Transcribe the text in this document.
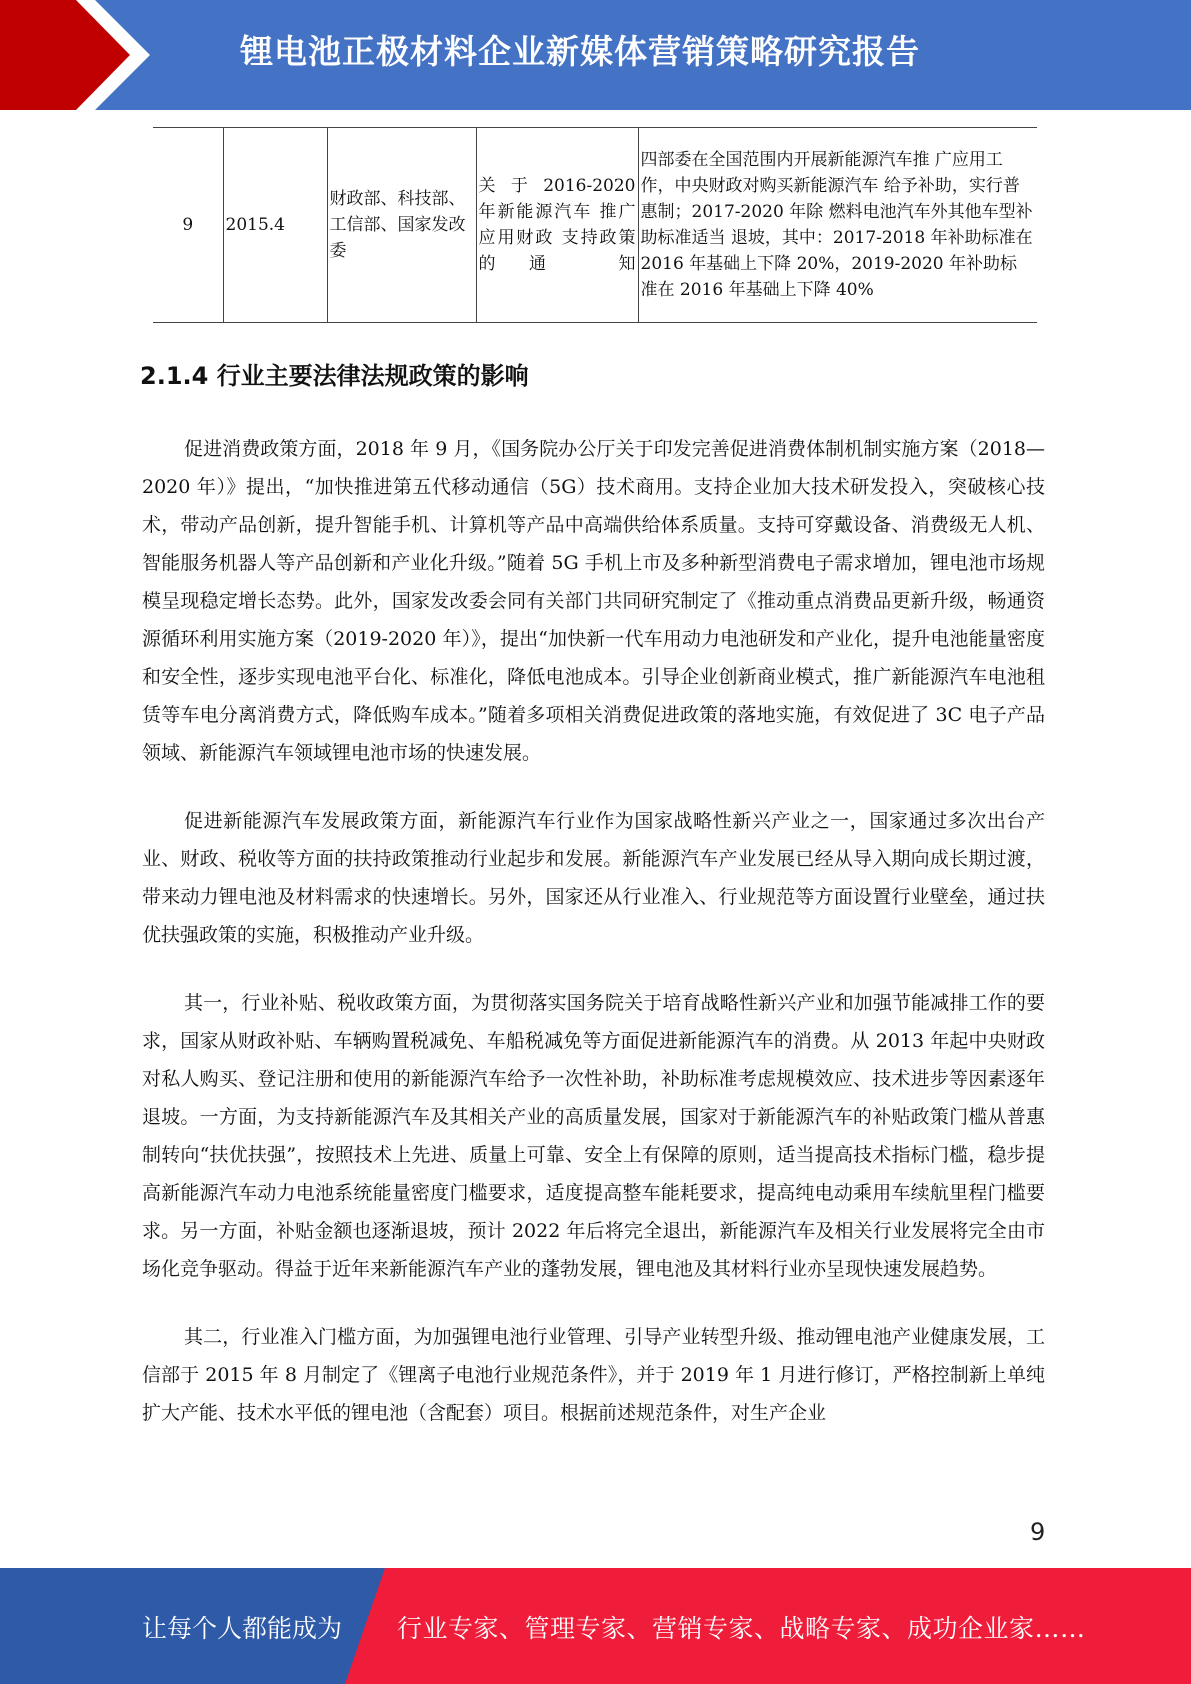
锂电池正极材料企业新媒体营销策略研究报告
9	2015.4	财政部、科技部、工信部、国家发改委	关 于 2016-2020 年新能源汽车 推广应用财政 支持政策的通 知	四部委在全国范围内开展新能源汽车推 广应用工作，中央财政对购买新能源汽车 给予补助，实行普惠制；2017-2020 年除 燃料电池汽车外其他车型补助标准适当 退坡，其中：2017-2018 年补助标准在 2016 年基础上下降 20%，2019-2020 年补助标 准在 2016 年基础上下降 40%
2.1.4 行业主要法律法规政策的影响

促进消费政策方面，2018 年 9 月，《国务院办公厅关于印发完善促进消费体制机制实施方案（2018—2020 年）》提出，“加快推进第五代移动通信（5G）技术商用。支持企业加大技术研发投入，突破核心技术，带动产品创新，提升智能手机、计算机等产品中高端供给体系质量。支持可穿戴设备、消费级无人机、智能服务机器人等产品创新和产业化升级。”随着 5G 手机上市及多种新型消费电子需求增加，锂电池市场规模呈现稳定增长态势。此外，国家发改委会同有关部门共同研究制定了《推动重点消费品更新升级，畅通资源循环利用实施方案（2019-2020 年）》，提出“加快新一代车用动力电池研发和产业化，提升电池能量密度和安全性，逐步实现电池平台化、标准化，降低电池成本。引导企业创新商业模式，推广新能源汽车电池租赁等车电分离消费方式，降低购车成本。”随着多项相关消费促进政策的落地实施，有效促进了 3C 电子产品领域、新能源汽车领域锂电池市场的快速发展。

促进新能源汽车发展政策方面，新能源汽车行业作为国家战略性新兴产业之一，国家通过多次出台产业、财政、税收等方面的扶持政策推动行业起步和发展。新能源汽车产业发展已经从导入期向成长期过渡，带来动力锂电池及材料需求的快速增长。另外，国家还从行业准入、行业规范等方面设置行业壁垒，通过扶优扶强政策的实施，积极推动产业升级。

其一，行业补贴、税收政策方面，为贯彻落实国务院关于培育战略性新兴产业和加强节能减排工作的要求，国家从财政补贴、车辆购置税减免、车船税减免等方面促进新能源汽车的消费。从 2013 年起中央财政对私人购买、登记注册和使用的新能源汽车给予一次性补助，补助标准考虑规模效应、技术进步等因素逐年退坡。一方面，为支持新能源汽车及其相关产业的高质量发展，国家对于新能源汽车的补贴政策门槛从普惠制转向“扶优扶强”，按照技术上先进、质量上可靠、安全上有保障的原则，适当提高技术指标门槛，稳步提高新能源汽车动力电池系统能量密度门槛要求，适度提高整车能耗要求，提高纯电动乘用车续航里程门槛要求。另一方面，补贴金额也逐渐退坡，预计 2022 年后将完全退出，新能源汽车及相关行业发展将完全由市场化竞争驱动。得益于近年来新能源汽车产业的蓬勃发展，锂电池及其材料行业亦呈现快速发展趋势。

其二，行业准入门槛方面，为加强锂电池行业管理、引导产业转型升级、推动锂电池产业健康发展，工信部于 2015 年 8 月制定了《锂离子电池行业规范条件》，并于 2019 年 1 月进行修订，严格控制新上单纯扩大产能、技术水平低的锂电池（含配套）项目。根据前述规范条件，对生产企业

9
让每个人都能成为 行业专家、管理专家、营销专家、战略专家、成功企业家……
